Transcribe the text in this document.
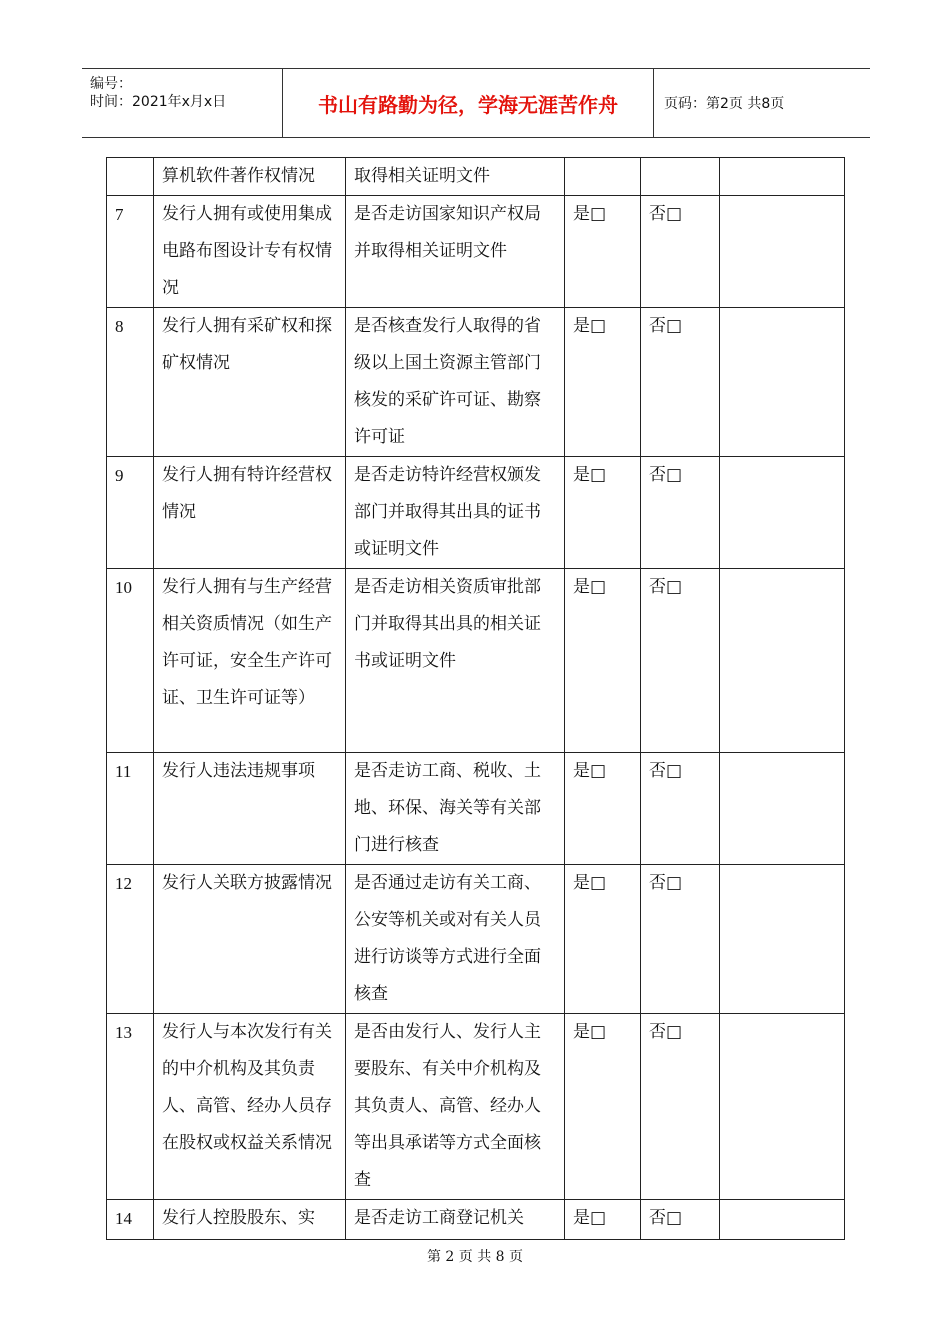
编号：
时间：2021年x月x日	书山有路勤为径，学海无涯苦作舟	页码：第2页 共8页
	算机软件著作权情况	取得相关证明文件			
7	发行人拥有或使用集成电路布图设计专有权情况	是否走访国家知识产权局并取得相关证明文件	是□	否□	
8	发行人拥有采矿权和探矿权情况	是否核查发行人取得的省级以上国土资源主管部门核发的采矿许可证、勘察许可证	是□	否□	
9	发行人拥有特许经营权情况	是否走访特许经营权颁发部门并取得其出具的证书或证明文件	是□	否□	
10	发行人拥有与生产经营相关资质情况（如生产许可证，安全生产许可证、卫生许可证等）	是否走访相关资质审批部门并取得其出具的相关证书或证明文件	是□	否□	
11	发行人违法违规事项	是否走访工商、税收、土地、环保、海关等有关部门进行核查	是□	否□	
12	发行人关联方披露情况	是否通过走访有关工商、公安等机关或对有关人员进行访谈等方式进行全面核查	是□	否□	
13	发行人与本次发行有关的中介机构及其负责人、高管、经办人员存在股权或权益关系情况	是否由发行人、发行人主要股东、有关中介机构及其负责人、高管、经办人等出具承诺等方式全面核查	是□	否□	
14	发行人控股股东、实	是否走访工商登记机关	是□	否□	
第 2 页 共 8 页
